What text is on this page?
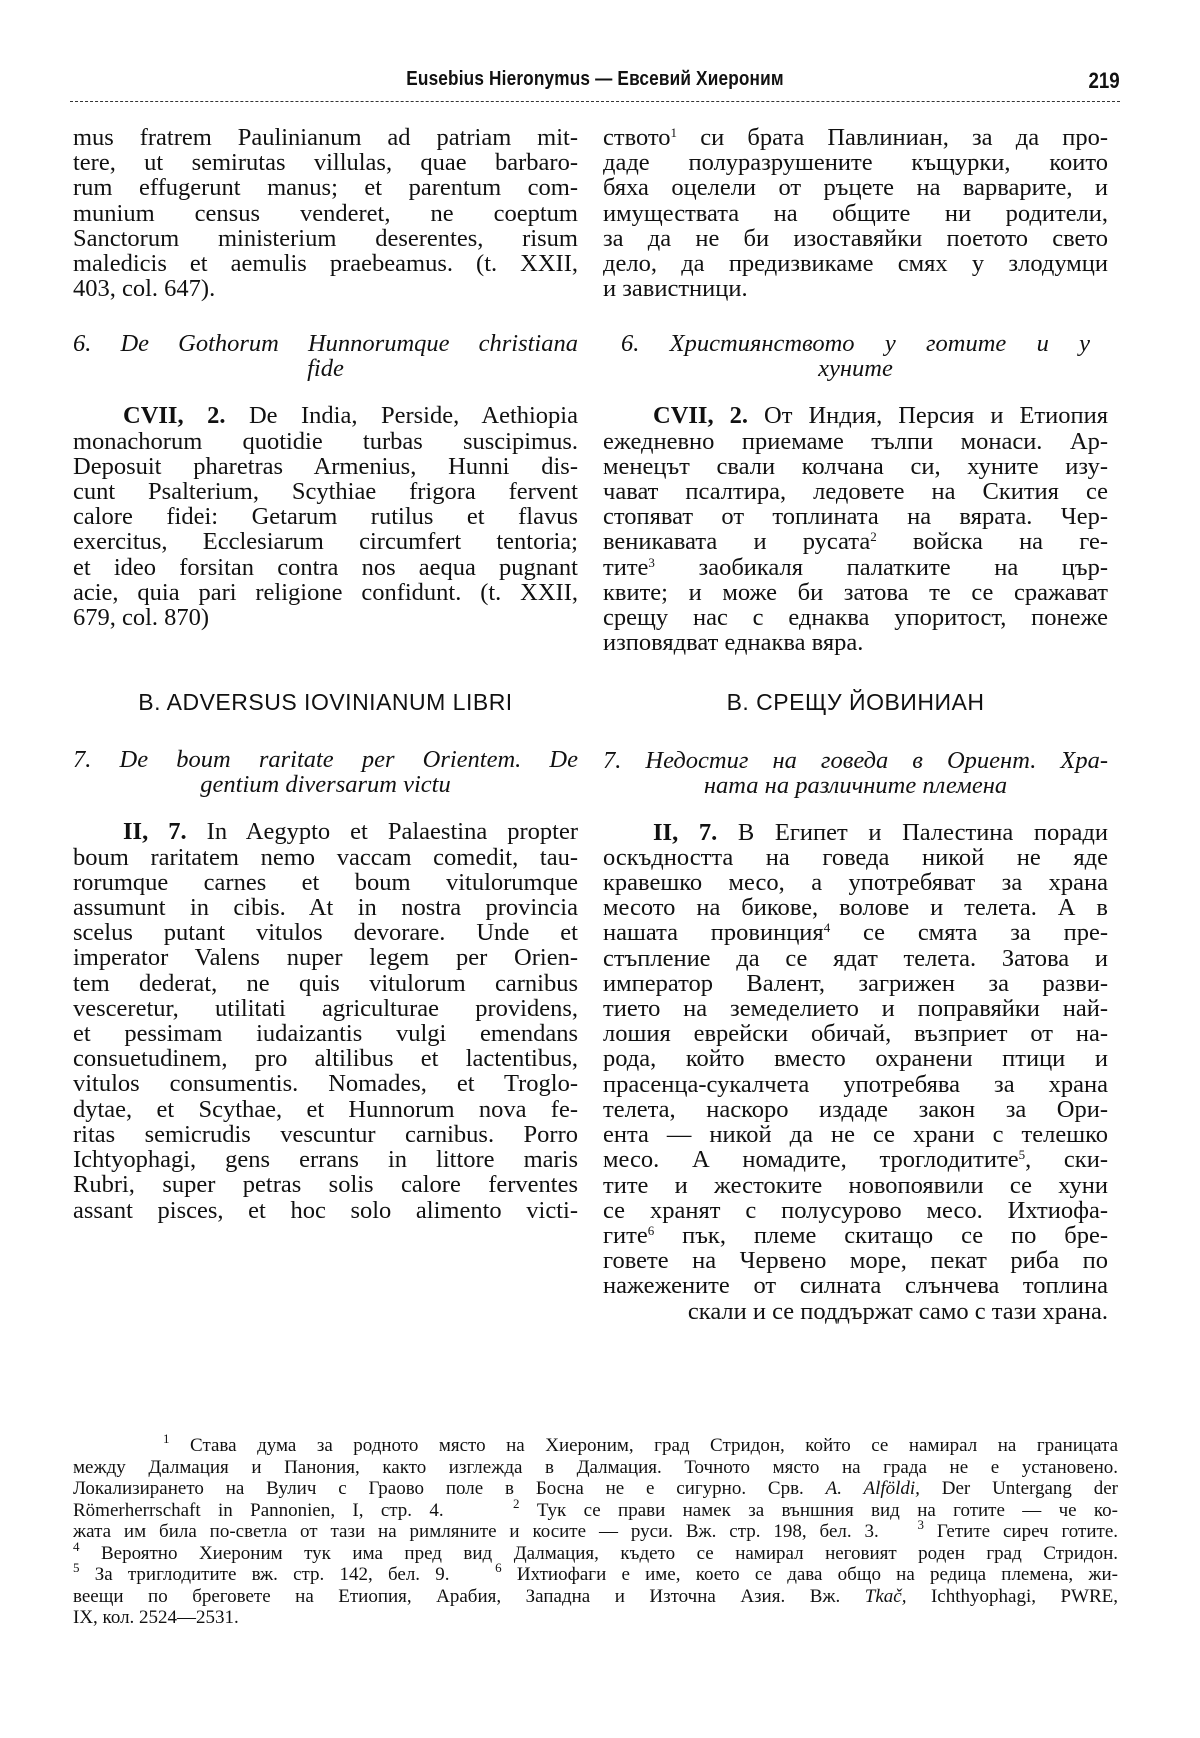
Eusebius Hieronymus — Евсевий Хиероним	219
mus fratrem Paulinianum ad patriam mit-
tere, ut semirutas villulas, quae barbaro-
rum effugerunt manus; et parentum com-
munium census venderet, ne coeptum
Sanctorum ministerium deserentes, risum
maledicis et aemulis praebeamus. (t. XXII,
403, col. 647).
6. De Gothorum Hunnorumque christiana
fide
CVII, 2. De India, Perside, Aethiopia
monachorum quotidie turbas suscipimus.
Deposuit pharetras Armenius, Hunni dis-
cunt Psalterium, Scythiae frigora fervent
calore fidei: Getarum rutilus et flavus
exercitus, Ecclesiarum circumfert tentoria;
et ideo forsitan contra nos aequa pugnant
acie, quia pari religione confidunt. (t. XXII,
679, col. 870)
B. ADVERSUS IOVINIANUM LIBRI
7. De boum raritate per Orientem. De
gentium diversarum victu
II, 7. In Aegypto et Palaestina propter
boum raritatem nemo vaccam comedit, tau-
rorumque carnes et boum vitulorumque
assumunt in cibis. At in nostra provincia
scelus putant vitulos devorare. Unde et
imperator Valens nuper legem per Orien-
tem dederat, ne quis vitulorum carnibus
vesceretur, utilitati agriculturae providens,
et pessimam iudaizantis vulgi emendans
consuetudinem, pro altilibus et lactentibus,
vitulos consumentis. Nomades, et Troglo-
dytae, et Scythae, et Hunnorum nova fe-
ritas semicrudis vescuntur carnibus. Porro
Ichtyophagi, gens errans in littore maris
Rubri, super petras solis calore ferventes
assant pisces, et hoc solo alimento victi-
ството$^1$ си брата Павлиниан, за да про-
даде полуразрушените къщурки, които
бяха оцелели от ръцете на варварите, и
имуществата на общите ни родители,
за да не би изоставяйки поетото свето
дело, да предизвикаме смях у злодумци
и завистници.
6. Християнството у готите и у
хуните
CVII, 2. От Индия, Персия и Етиопия
ежедневно приемаме тълпи монаси. Ар-
менецът свали колчана си, хуните изу-
чават псалтира, ледовете на Скития се
стопяват от топлината на вярата. Чер-
веникавата и русата$^2$ войска на ге-
тите$^3$ заобикаля палатките на цър-
квите; и може би затова те се сражават
срещу нас с еднаква упоритост, понеже
изповядват еднаква вяра.
B. СРЕЩУ ЙОВИНИАН
7. Недостиг на говеда в Ориент. Хра-
ната на различните племена
II, 7. В Египет и Палестина поради
оскъдността на говеда никой не яде
кравешко месо, а употребяват за храна
месото на бикове, волове и телета. А в
нашата провинция$^4$ се смята за пре-
стъпление да се ядат телета. Затова и
император Валент, загрижен за разви-
тието на земеделието и поправяйки най-
лошия еврейски обичай, възприет от на-
рода, който вместо охранени птици и
прасенца-сукалчета употребява за храна
телета, наскоро издаде закон за Ори-
ента — никой да не се храни с телешко
месо. А номадите, троглодитите$^5$, ски-
тите и жестоките новопоявили се хуни
се хранят с полусурово месо. Ихтиофа-
гите$^6$ пък, племе скитащо се по бре-
говете на Червено море, пекат риба по
нажежените от силната слънчева топлина
скали и се поддържат само с тази храна.
$^1$ Става дума за родното място на Хиероним, град Стридон, който се намирал на границата
между Далмация и Панония, както изглежда в Далмация. Точното място на града не е установено.
Локализирането на Вулич с Граово поле в Босна не е сигурно. Срв. A. Alföldi, Der Untergang der
Römerherrschaft in Pannonien, I, стр. 4.	$^2$ Тук се прави намек за външния вид на готите — че ко-
жата им била по-светла от тази на римляните и косите — руси. Вж. стр. 198, бел. 3.	$^3$ Гетите сиреч готите.
$^4$ Вероятно Хиероним тук има пред вид Далмация, където се намирал неговият роден град Стридон.
$^5$ За триглодитите вж. стр. 142, бел. 9.	$^6$ Ихтиофаги е име, което се дава общо на редица племена, жи-
веещи по бреговете на Етиопия, Арабия, Западна и Източна Азия. Вж. Tkač, Ichthyophagi, PWRE,
IX, кол. 2524—2531.
